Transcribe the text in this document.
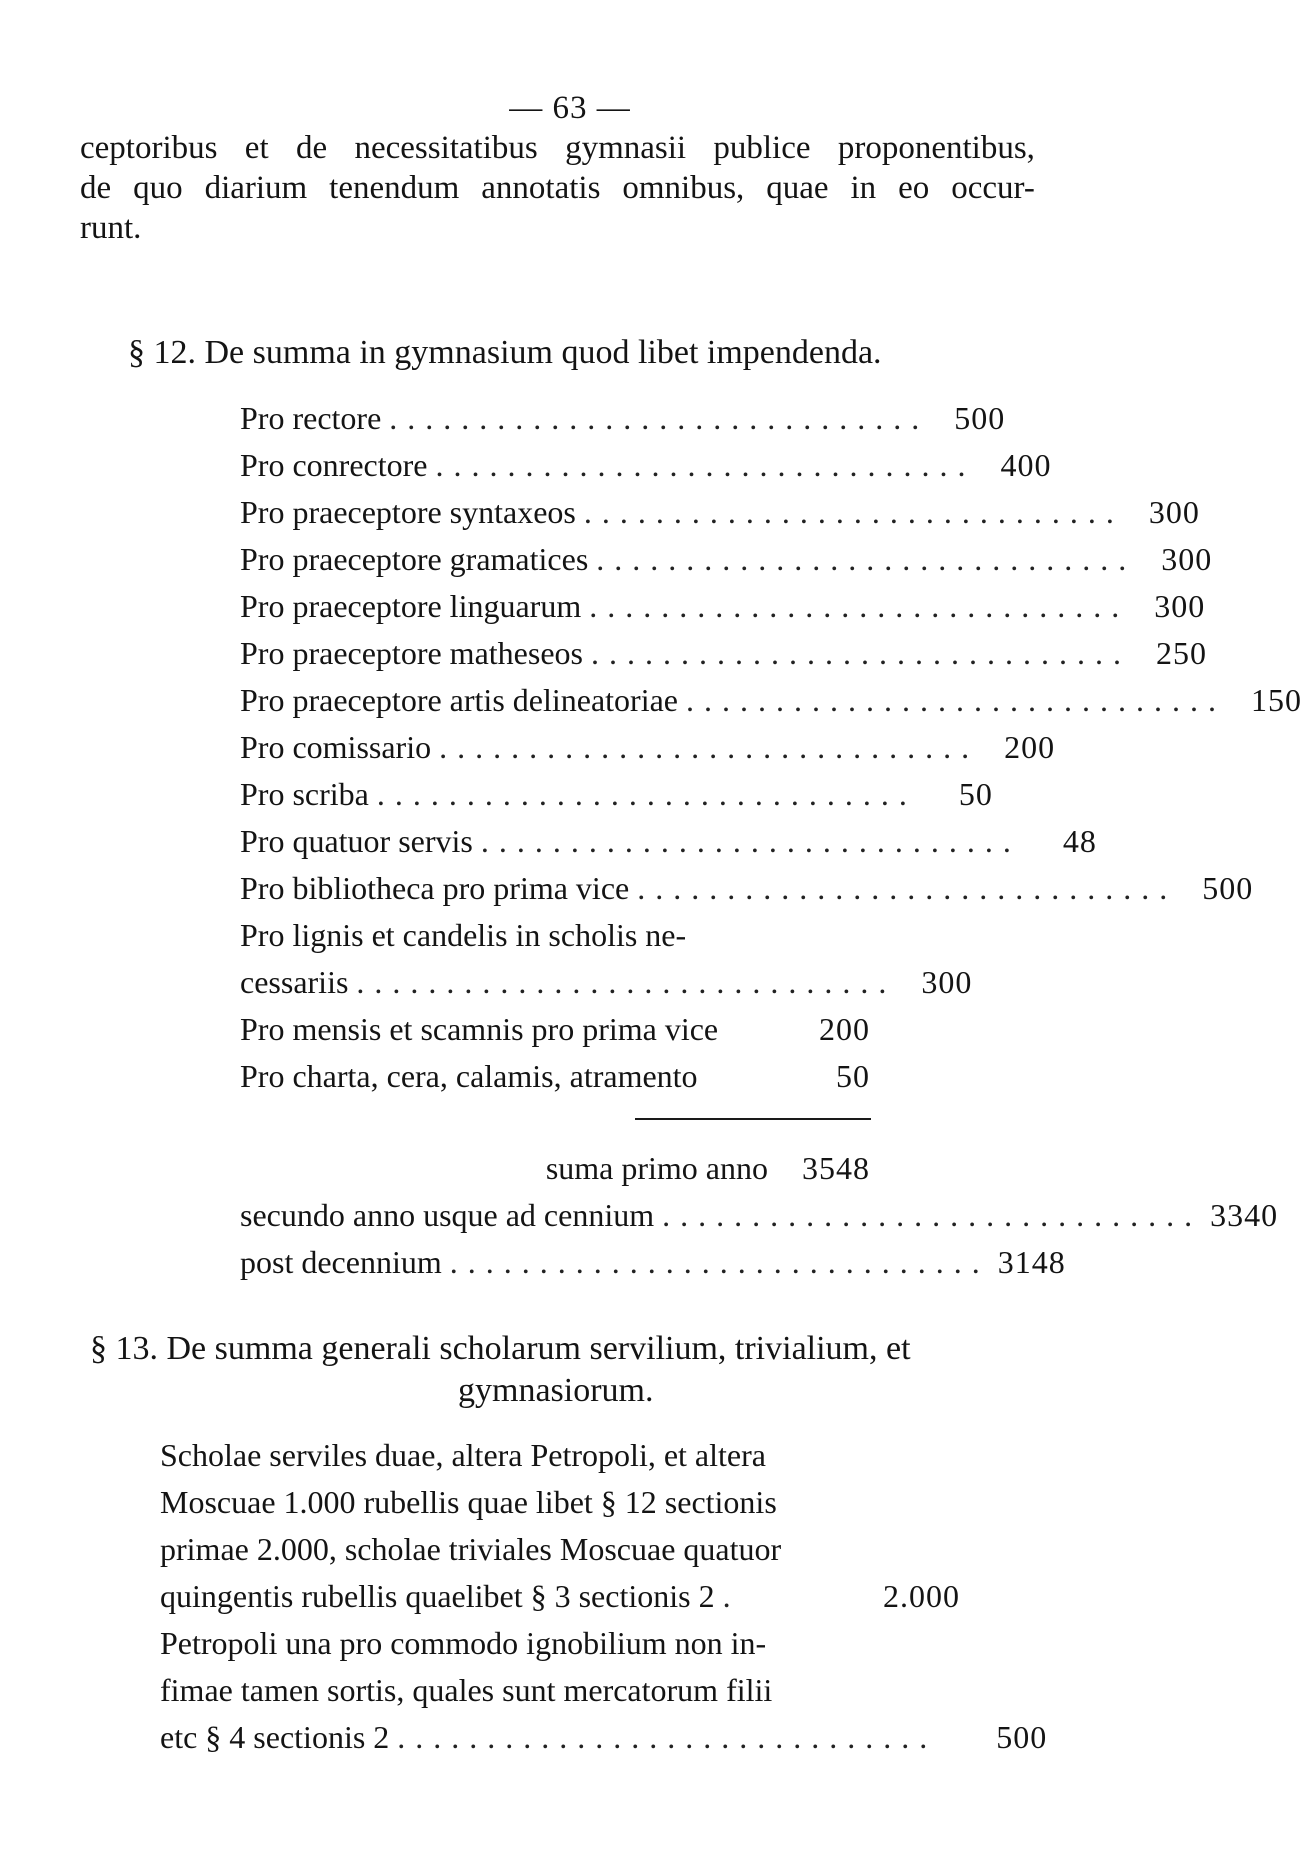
— 63 —
ceptoribus et de necessitatibus gymnasii publice proponentibus,
de quo diarium tenendum annotatis omnibus, quae in eo occur-
runt.
§ 12. De summa in gymnasium quod libet impendenda.
Pro rectore .............................. 500
Pro conrectore .............................. 400
Pro praeceptore syntaxeos .............................. 300
Pro praeceptore gramatices .............................. 300
Pro praeceptore linguarum .............................. 300
Pro praeceptore matheseos .............................. 250
Pro praeceptore artis delineatoriae .............................. 150
Pro comissario .............................. 200
Pro scriba ..............................	50
Pro quatuor servis ..............................	48
Pro bibliotheca pro prima vice .............................. 500
Pro lignis et candelis in scholis ne-
cessariis .............................. 300
Pro mensis et scamnis pro prima vice	200
Pro charta, cera, calamis, atramento	50
suma primo anno	3548
secundo anno usque ad cennium .............................. 3340
post decennium .............................. 3148
§ 13. De summa generali scholarum servilium, trivialium, et
gymnasiorum.
Scholae serviles duae, altera Petropoli, et altera
Moscuae 1.000 rubellis quae libet § 12 sectionis
primae 2.000, scholae triviales Moscuae quatuor
quingentis rubellis quaelibet § 3 sectionis 2 .	2.000
Petropoli una pro commodo ignobilium non in-
fimae tamen sortis, quales sunt mercatorum filii
etc § 4 sectionis 2 ..............................	500
